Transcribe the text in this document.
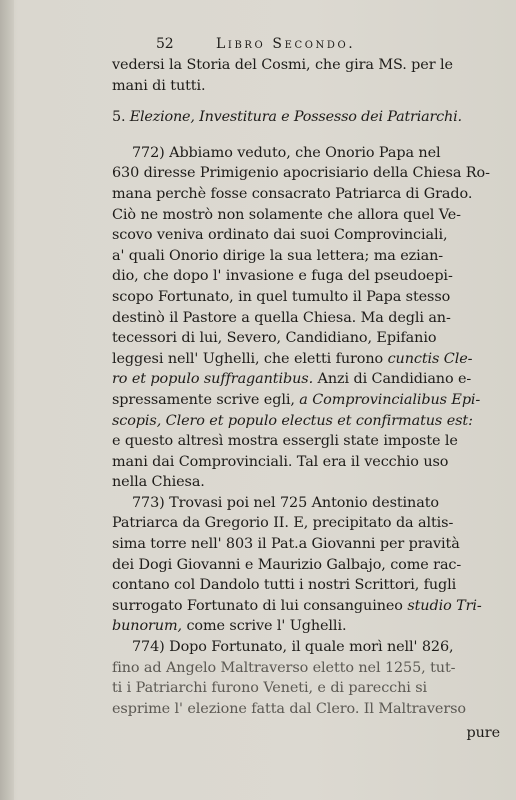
52	Libro Secondo.
vedersi la Storia del Cosmi, che gira MS. per le
mani di tutti.
5. Elezione, Investitura e Possesso dei Patriarchi.
772) Abbiamo veduto, che Onorio Papa nel
630 diresse Primigenio apocrisiario della Chiesa Ro-
mana perchè fosse consacrato Patriarca di Grado.
Ciò ne mostrò non solamente che allora quel Ve-
scovo veniva ordinato dai suoi Comprovinciali,
a' quali Onorio dirige la sua lettera; ma ezian-
dio, che dopo l' invasione e fuga del pseudoepi-
scopo Fortunato, in quel tumulto il Papa stesso
destinò il Pastore a quella Chiesa. Ma degli an-
tecessori di lui, Severo, Candidiano, Epifanio
leggesi nell' Ughelli, che eletti furono cunctis Cle-
ro et populo suffragantibus. Anzi di Candidiano e-
spressamente scrive egli, a Comprovincialibus Epi-
scopis, Clero et populo electus et confirmatus est:
e questo altresì mostra essergli state imposte le
mani dai Comprovinciali. Tal era il vecchio uso
nella Chiesa.
773) Trovasi poi nel 725 Antonio destinato
Patriarca da Gregorio II. E, precipitato da altis-
sima torre nell' 803 il Pat.a Giovanni per pravità
dei Dogi Giovanni e Maurizio Galbajo, come rac-
contano col Dandolo tutti i nostri Scrittori, fugli
surrogato Fortunato di lui consanguineo studio Tri-
bunorum, come scrive l' Ughelli.
774) Dopo Fortunato, il quale morì nell' 826,
fino ad Angelo Maltraverso eletto nel 1255, tut-
ti i Patriarchi furono Veneti, e di parecchi si
esprime l' elezione fatta dal Clero. Il Maltraverso
pure
